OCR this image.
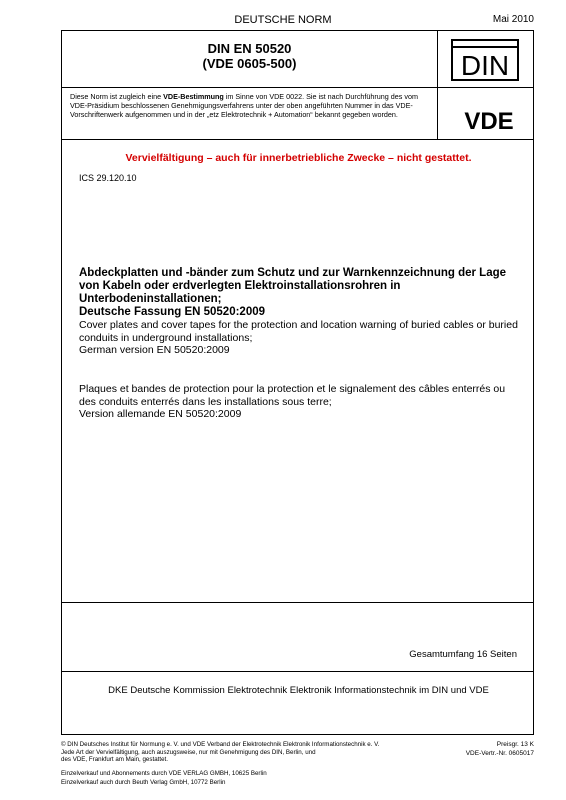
DEUTSCHE NORM	Mai 2010
DIN EN 50520
(VDE 0605-500)	DIN
VDE
Diese Norm ist zugleich eine VDE-Bestimmung im Sinne von VDE 0022. Sie ist nach Durchführung des vom VDE-Präsidium beschlossenen Genehmigungsverfahrens unter der oben angeführten Nummer in das VDE-Vorschriftenwerk aufgenommen und in der „etz Elektrotechnik + Automation“ bekannt gegeben worden.
Vervielfältigung – auch für innerbetriebliche Zwecke – nicht gestattet.
ICS 29.120.10
Abdeckplatten und -bänder zum Schutz und zur Warnkennzeichnung der Lage
von Kabeln oder erdverlegten Elektroinstallationsrohren in
Unterbodeninstallationen;
Deutsche Fassung EN 50520:2009
Cover plates and cover tapes for the protection and location warning of buried cables or buried
conduits in underground installations;
German version EN 50520:2009
Plaques et bandes de protection pour la protection et le signalement des câbles enterrés ou
des conduits enterrés dans les installations sous terre;
Version allemande EN 50520:2009
Gesamtumfang 16 Seiten
DKE Deutsche Kommission Elektrotechnik Elektronik Informationstechnik im DIN und VDE
© DIN Deutsches Institut für Normung e. V. und VDE Verband der Elektrotechnik Elektronik Informationstechnik e. V.
Jede Art der Vervielfältigung, auch auszugsweise, nur mit Genehmigung des DIN, Berlin, und
des VDE, Frankfurt am Main, gestattet.
Preisgr. 13 K
VDE-Vertr.-Nr. 0605017
Einzelverkauf und Abonnements durch VDE VERLAG GMBH, 10625 Berlin
Einzelverkauf auch durch Beuth Verlag GmbH, 10772 Berlin
